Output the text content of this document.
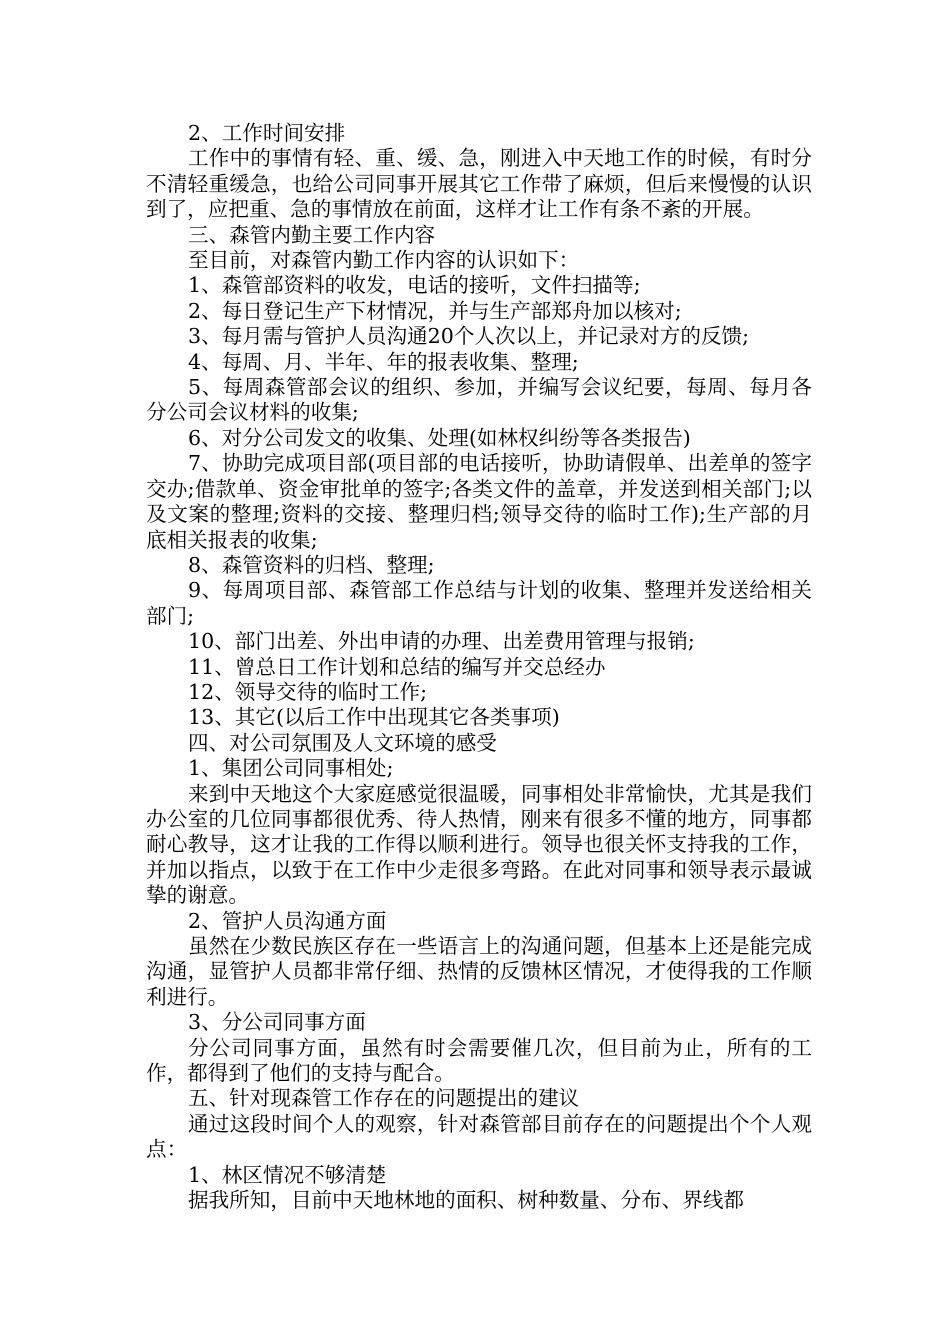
2、工作时间安排

工作中的事情有轻、重、缓、急，刚进入中天地工作的时候，有时分不清轻重缓急，也给公司同事开展其它工作带了麻烦，但后来慢慢的认识到了，应把重、急的事情放在前面，这样才让工作有条不紊的开展。

三、森管内勤主要工作内容

至目前，对森管内勤工作内容的认识如下：

1、森管部资料的收发，电话的接听，文件扫描等;

2、每日登记生产下材情况，并与生产部郑舟加以核对;

3、每月需与管护人员沟通20个人次以上，并记录对方的反馈;

4、每周、月、半年、年的报表收集、整理;

5、每周森管部会议的组织、参加，并编写会议纪要，每周、每月各分公司会议材料的收集;

6、对分公司发文的收集、处理(如林权纠纷等各类报告)

7、协助完成项目部(项目部的电话接听，协助请假单、出差单的签字交办;借款单、资金审批单的签字;各类文件的盖章，并发送到相关部门;以及文案的整理;资料的交接、整理归档;领导交待的临时工作);生产部的月底相关报表的收集;

8、森管资料的归档、整理;

9、每周项目部、森管部工作总结与计划的收集、整理并发送给相关部门;

10、部门出差、外出申请的办理、出差费用管理与报销;

11、曾总日工作计划和总结的编写并交总经办

12、领导交待的临时工作;

13、其它(以后工作中出现其它各类事项)

四、对公司氛围及人文环境的感受

1、集团公司同事相处;

来到中天地这个大家庭感觉很温暖，同事相处非常愉快，尤其是我们办公室的几位同事都很优秀、待人热情，刚来有很多不懂的地方，同事都耐心教导，这才让我的工作得以顺利进行。领导也很关怀支持我的工作，并加以指点，以致于在工作中少走很多弯路。在此对同事和领导表示最诚挚的谢意。

2、管护人员沟通方面

虽然在少数民族区存在一些语言上的沟通问题，但基本上还是能完成沟通，显管护人员都非常仔细、热情的反馈林区情况，才使得我的工作顺利进行。

3、分公司同事方面

分公司同事方面，虽然有时会需要催几次，但目前为止，所有的工作，都得到了他们的支持与配合。

五、针对现森管工作存在的问题提出的建议

通过这段时间个人的观察，针对森管部目前存在的问题提出个个人观点：

1、林区情况不够清楚

据我所知，目前中天地林地的面积、树种数量、分布、界线都
